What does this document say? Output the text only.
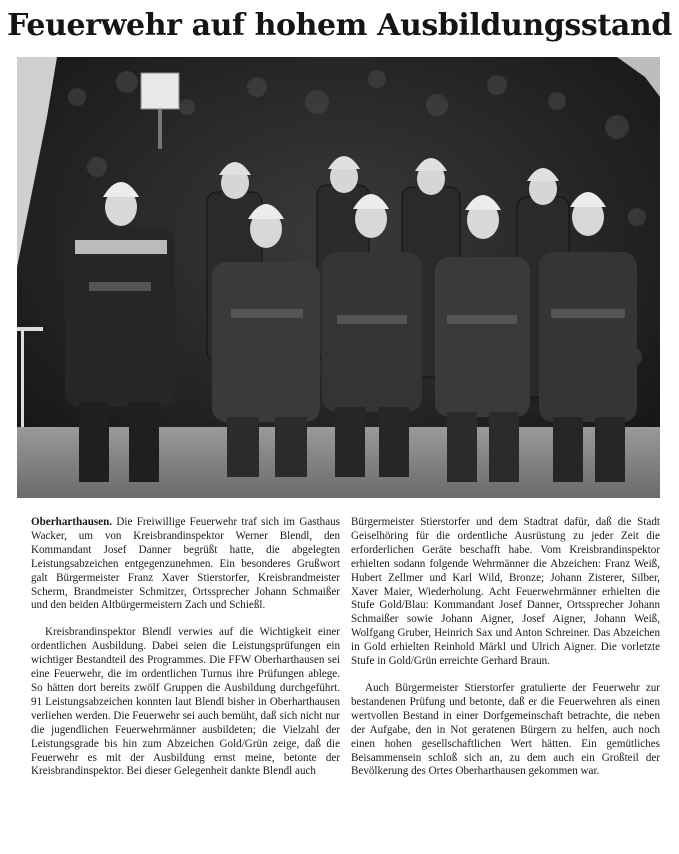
Feuerwehr auf hohem Ausbildungsstand

Oberharthausen. Die Freiwillige Feuerwehr traf sich im Gasthaus Wacker, um von Kreisbrandinspektor Werner Blendl, den Kommandant Josef Danner begrüßt hatte, die abgelegten Leistungsabzeichen entgegenzunehmen. Ein besonderes Grußwort galt Bürgermeister Franz Xaver Stierstorfer, Kreisbrandmeister Scherm, Brandmeister Schmitzer, Ortssprecher Johann Schmaißer und den beiden Altbürgermeistern Zach und Schießl.

Kreisbrandinspektor Blendl verwies auf die Wichtigkeit einer ordentlichen Ausbildung. Dabei seien die Leistungsprüfungen ein wichtiger Bestandteil des Programmes. Die FFW Oberharthausen sei eine Feuerwehr, die im ordentlichen Turnus ihre Prüfungen ablege. So hätten dort bereits zwölf Gruppen die Ausbildung durchgeführt. 91 Leistungsabzeichen konnten laut Blendl bisher in Oberharthausen verliehen werden. Die Feuerwehr sei auch bemüht, daß sich nicht nur die jugendlichen Feuerwehrmänner ausbildeten; die Vielzahl der Leistungsgrade bis hin zum Abzeichen Gold/Grün zeige, daß die Feuerwehr es mit der Ausbildung ernst meine, betonte der Kreisbrandinspektor. Bei dieser Gelegenheit dankte Blendl auch

Bürgermeister Stierstorfer und dem Stadtrat dafür, daß die Stadt Geiselhöring für die ordentliche Ausrüstung zu jeder Zeit die erforderlichen Geräte beschafft habe. Vom Kreisbrandinspektor erhielten sodann folgende Wehrmänner die Abzeichen: Franz Weiß, Hubert Zellmer und Karl Wild, Bronze; Johann Zisterer, Silber, Xaver Maier, Wiederholung. Acht Feuerwehrmänner erhielten die Stufe Gold/Blau: Kommandant Josef Danner, Ortssprecher Johann Schmaißer sowie Johann Aigner, Josef Aigner, Johann Weiß, Wolfgang Gruber, Heinrich Sax und Anton Schreiner. Das Abzeichen in Gold erhielten Reinhold Märkl und Ulrich Aigner. Die vorletzte Stufe in Gold/Grün erreichte Gerhard Braun.

Auch Bürgermeister Stierstorfer gratulierte der Feuerwehr zur bestandenen Prüfung und betonte, daß er die Feuerwehren als einen wertvollen Bestand in einer Dorfgemeinschaft betrachte, die neben der Aufgabe, den in Not geratenen Bürgern zu helfen, auch noch einen hohen gesellschaftlichen Wert hätten. Ein gemütliches Beisammensein schloß sich an, zu dem auch ein Großteil der Bevölkerung des Ortes Oberharthausen gekommen war.
